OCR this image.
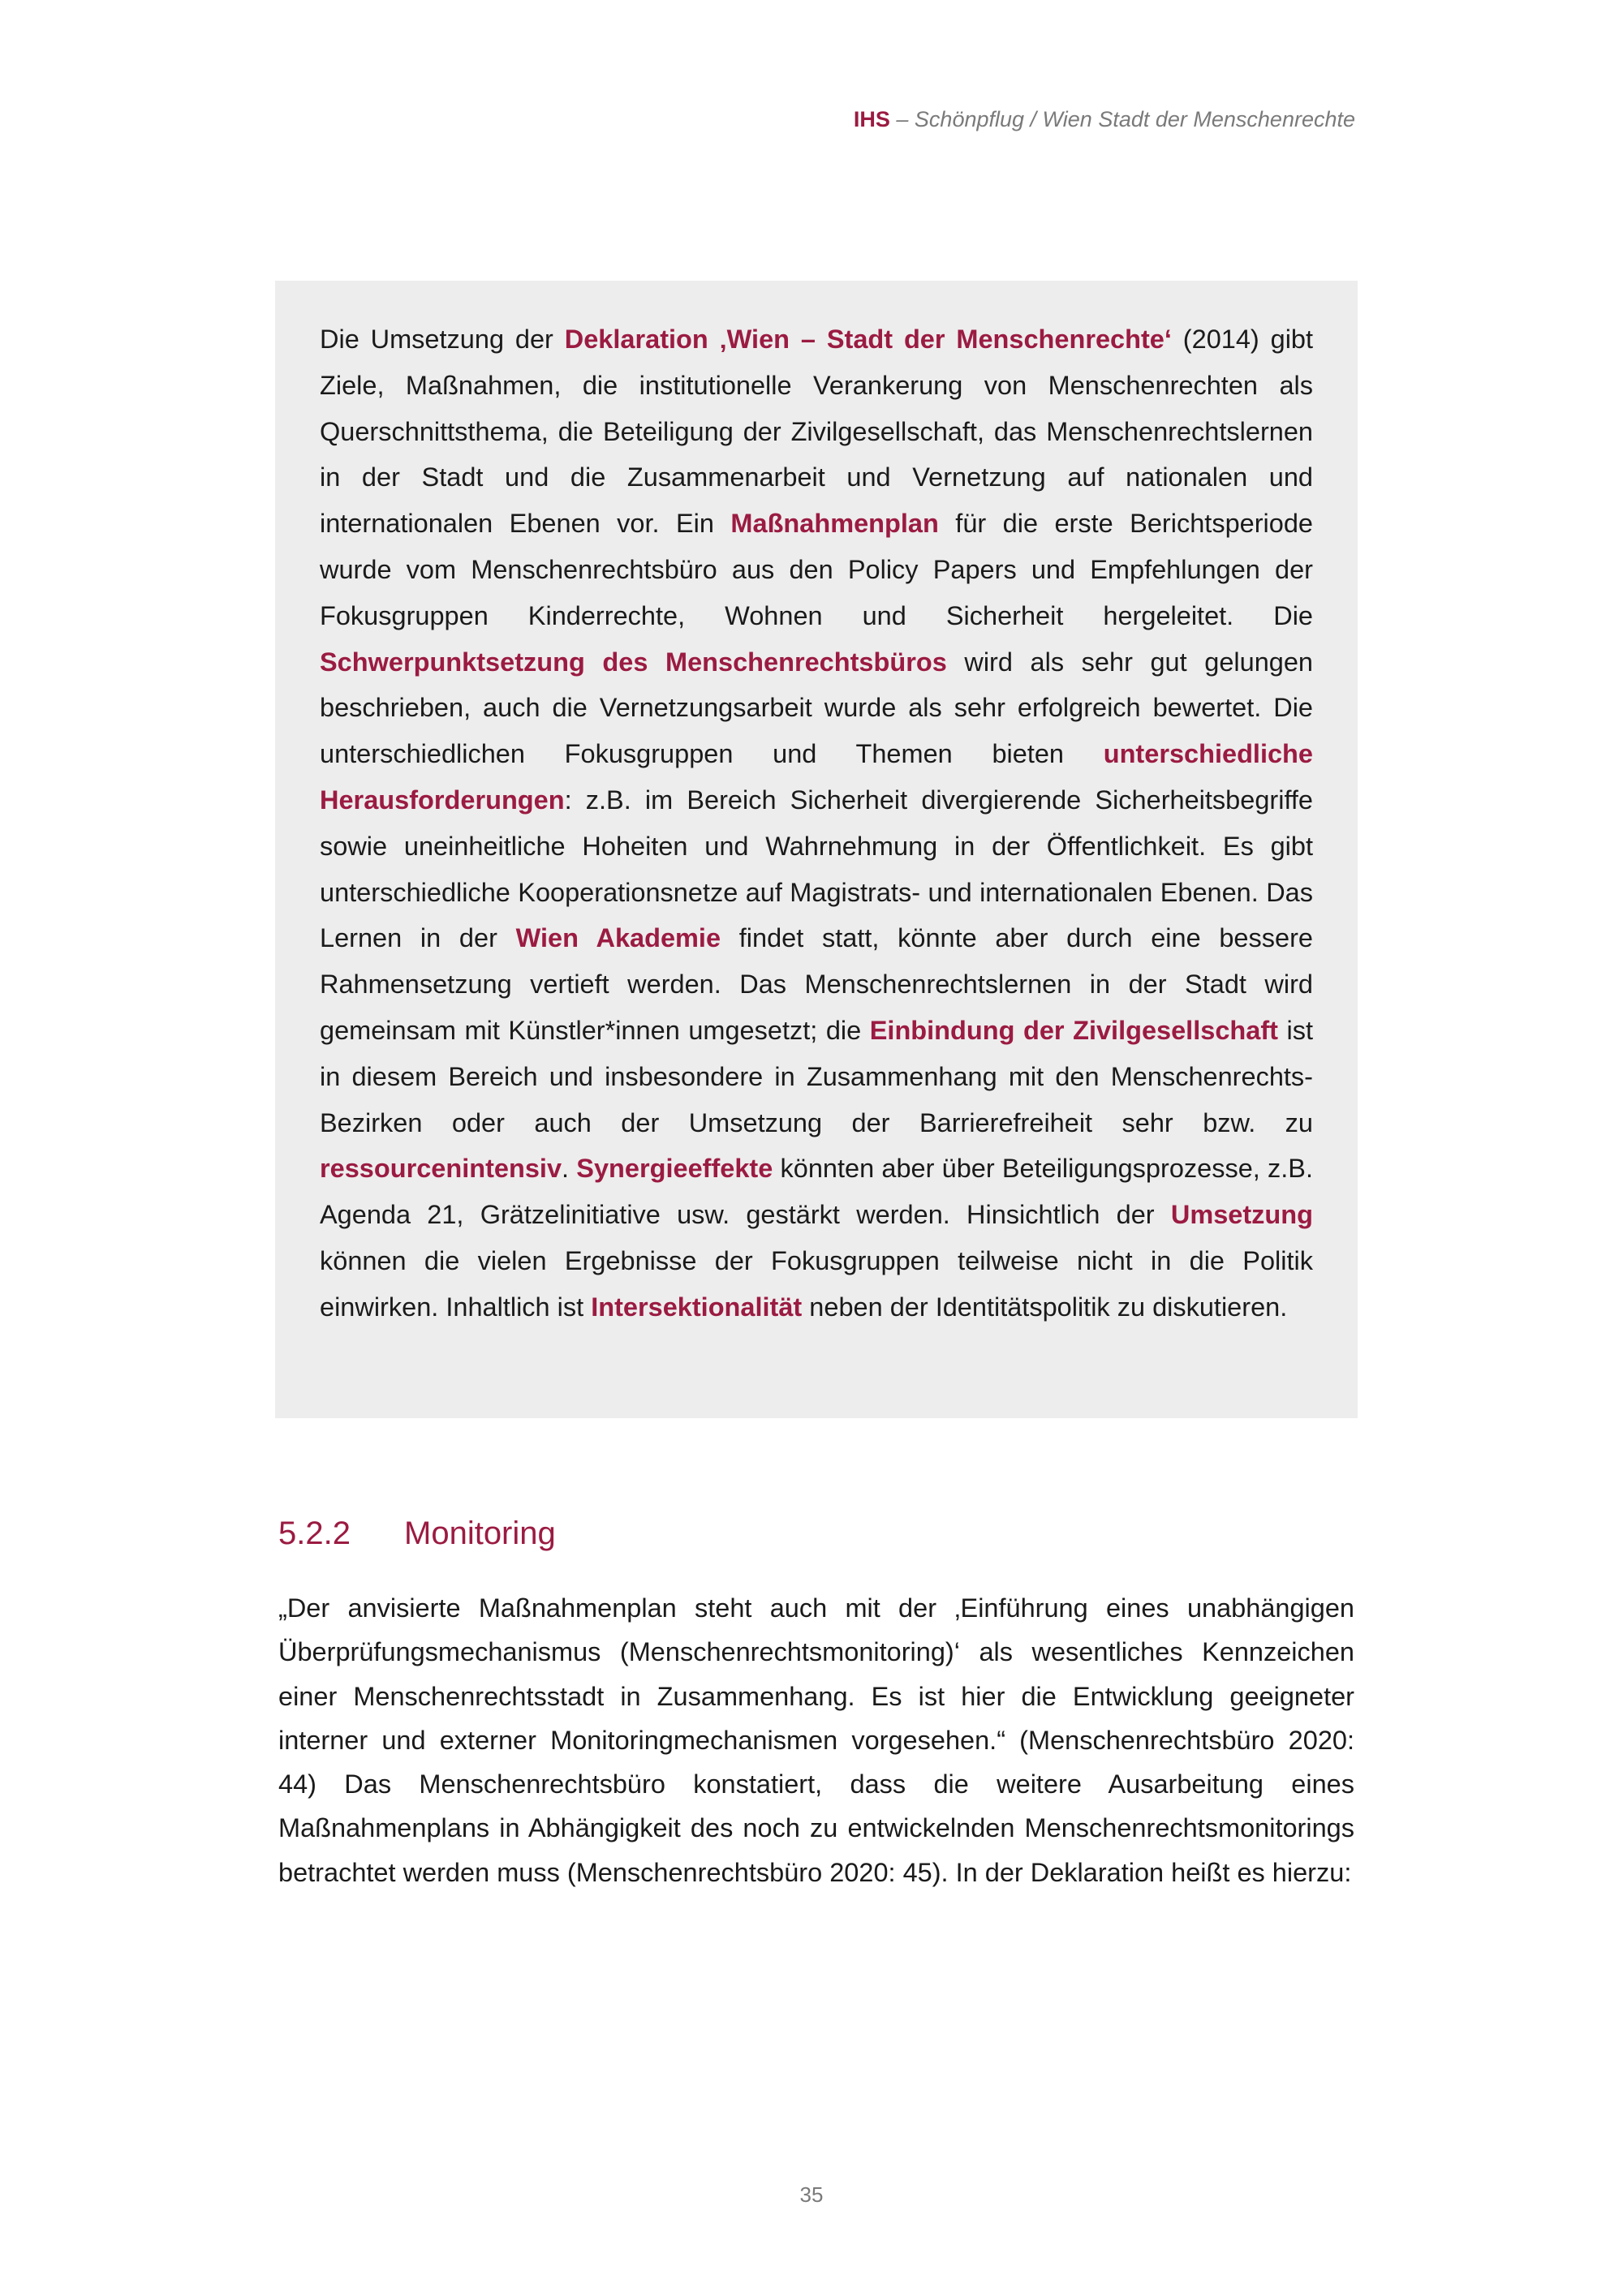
IHS – Schönpflug / Wien Stadt der Menschenrechte

Die Umsetzung der Deklaration ‚Wien – Stadt der Menschenrechte‘ (2014) gibt Ziele, Maßnahmen, die institutionelle Verankerung von Menschenrechten als Querschnittsthema, die Beteiligung der Zivilgesellschaft, das Menschenrechtslernen in der Stadt und die Zusammenarbeit und Vernetzung auf nationalen und internationalen Ebenen vor. Ein Maßnahmenplan für die erste Berichtsperiode wurde vom Menschenrechtsbüro aus den Policy Papers und Empfehlungen der Fokusgruppen Kinderrechte, Wohnen und Sicherheit hergeleitet. Die Schwerpunktsetzung des Menschenrechtsbüros wird als sehr gut gelungen beschrieben, auch die Vernetzungsarbeit wurde als sehr erfolgreich bewertet. Die unterschiedlichen Fokusgruppen und Themen bieten unterschiedliche Herausforderungen: z.B. im Bereich Sicherheit divergierende Sicherheitsbegriffe sowie uneinheitliche Hoheiten und Wahrnehmung in der Öffentlichkeit. Es gibt unterschiedliche Kooperationsnetze auf Magistrats- und internationalen Ebenen. Das Lernen in der Wien Akademie findet statt, könnte aber durch eine bessere Rahmensetzung vertieft werden. Das Menschenrechtslernen in der Stadt wird gemeinsam mit Künstler*innen umgesetzt; die Einbindung der Zivilgesellschaft ist in diesem Bereich und insbesondere in Zusammenhang mit den Menschenrechts-Bezirken oder auch der Umsetzung der Barrierefreiheit sehr bzw. zu ressourcenintensiv. Synergieeffekte könnten aber über Beteiligungsprozesse, z.B. Agenda 21, Grätzelinitiative usw. gestärkt werden. Hinsichtlich der Umsetzung können die vielen Ergebnisse der Fokusgruppen teilweise nicht in die Politik einwirken. Inhaltlich ist Intersektionalität neben der Identitätspolitik zu diskutieren.

5.2.2 Monitoring

„Der anvisierte Maßnahmenplan steht auch mit der ‚Einführung eines unabhängigen Überprüfungsmechanismus (Menschenrechtsmonitoring)‘ als wesentliches Kennzeichen einer Menschenrechtsstadt in Zusammenhang. Es ist hier die Entwicklung geeigneter interner und externer Monitoringmechanismen vorgesehen.“ (Menschenrechtsbüro 2020: 44) Das Menschenrechtsbüro konstatiert, dass die weitere Ausarbeitung eines Maßnahmenplans in Abhängigkeit des noch zu entwickelnden Menschenrechtsmonitorings betrachtet werden muss (Menschenrechtsbüro 2020: 45). In der Deklaration heißt es hierzu:

35
